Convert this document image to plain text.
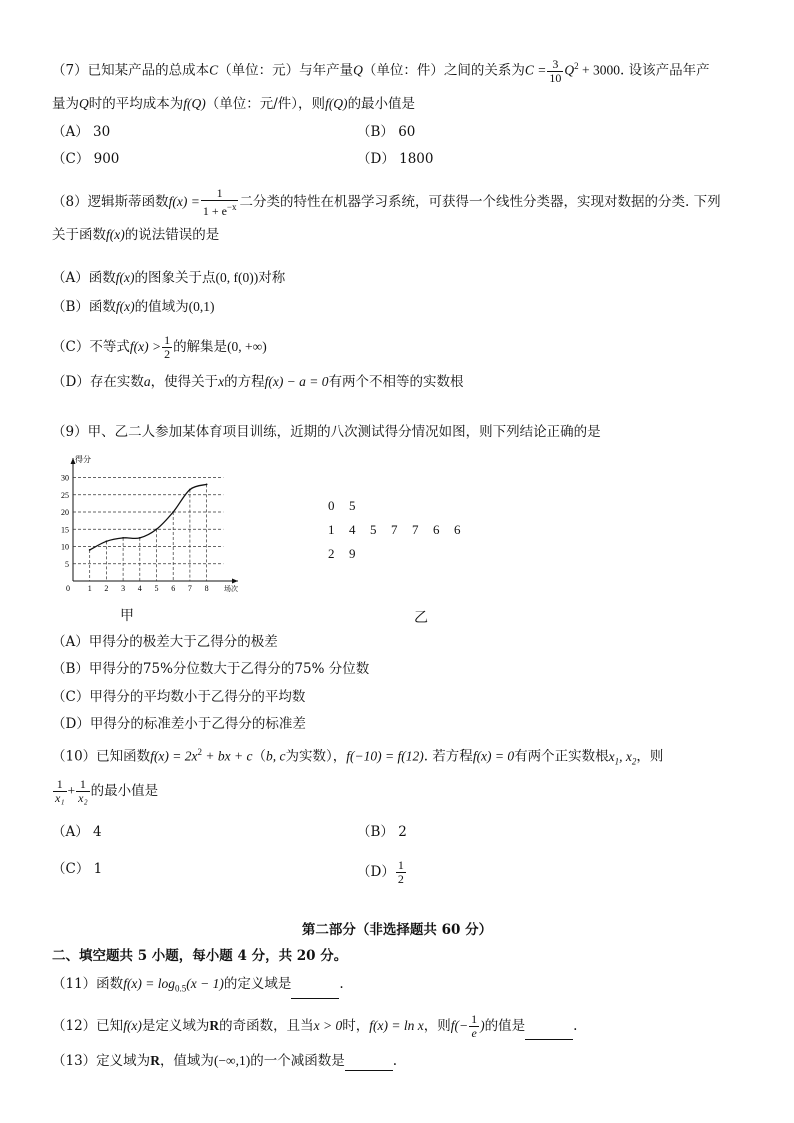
（7）已知某产品的总成本C（单位：元）与年产量Q（单位：件）之间的关系为$C = \frac{3}{10} Q^2 + 3000$. 设该产品年产
量为Q时的平均成本为f(Q)（单位：元/件），则f(Q)的最小值是
（A） 30	（B） 60
（C） 900	（D） 1800
（8）逻辑斯蒂函数$f(x) = \frac{1}{1 + e^{-x}}$ 二分类的特性在机器学习系统，可获得一个线性分类器，实现对数据的分类. 下列
关于函数f(x)的说法错误的是
（A）函数f(x)的图象关于点(0, f(0))对称
（B）函数f(x)的值域为(0,1)
（C）不等式$f(x) > \frac{1}{2}$ 的解集是(0, +∞)
（D）存在实数a，使得关于x的方程f(x) − a = 0有两个不相等的实数根
（9）甲、乙二人参加某体育项目训练，近期的八次测试得分情况如图，则下列结论正确的是
得分
场次
0
5
10
15
20
25
30
1 2 3 4 5 6 7 8
0 5
1 4 5 7 7 6 6
2 9
甲	乙
（A）甲得分的极差大于乙得分的极差
（B）甲得分的75%分位数大于乙得分的75% 分位数
（C）甲得分的平均数小于乙得分的平均数
（D）甲得分的标准差小于乙得分的标准差
（10）已知函数$f(x) = 2x^2$ + bx + c（b, c为实数），f(−10) = f(12). 若方程f(x) = 0有两个正实数根$x_1$, $x_2$，则
$\frac{1}{\text{x₁}} + \frac{1}{\text{x₂}}$ 的最小值是
（A） 4	（B） 2
（C） 1	$(D) \frac{1}{2}$
第二部分（非选择题共 60 分）
二、填空题共 5 小题，每小题 4 分，共 20 分。
（11）函数$f(x) = \log_{0.5}(x - 1)$的定义域是	.
（12）已知f(x)是定义域为R的奇函数，且当x > 0时，f(x) = ln x，则$f(- \frac{1}{e}$ )的值是	.
（13）定义域为R，值域为(−∞,1)的一个减函数是	.
